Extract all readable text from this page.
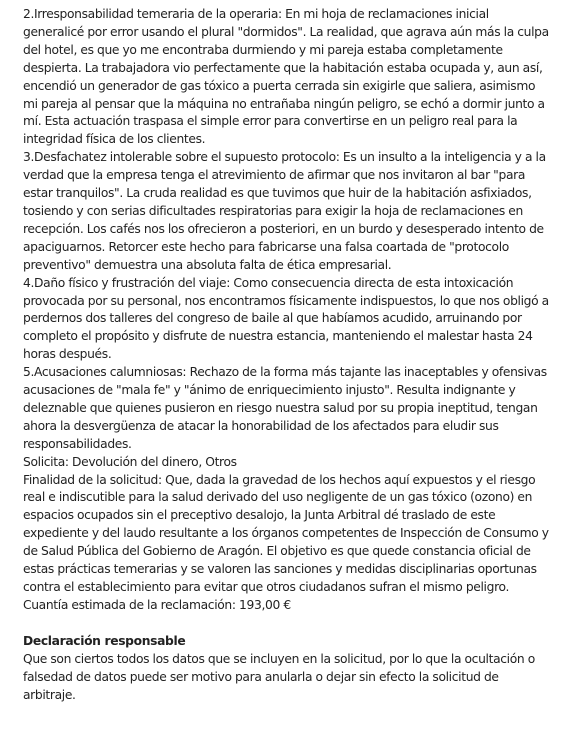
2.Irresponsabilidad temeraria de la operaria: En mi hoja de reclamaciones inicial generalicé por error usando el plural "dormidos". La realidad, que agrava aún más la culpa del hotel, es que yo me encontraba durmiendo y mi pareja estaba completamente despierta. La trabajadora vio perfectamente que la habitación estaba ocupada y, aun así, encendió un generador de gas tóxico a puerta cerrada sin exigirle que saliera, asimismo mi pareja al pensar que la máquina no entrañaba ningún peligro, se echó a dormir junto a mí. Esta actuación traspasa el simple error para convertirse en un peligro real para la integridad física de los clientes.

3.Desfachatez intolerable sobre el supuesto protocolo: Es un insulto a la inteligencia y a la verdad que la empresa tenga el atrevimiento de afirmar que nos invitaron al bar "para estar tranquilos". La cruda realidad es que tuvimos que huir de la habitación asfixiados, tosiendo y con serias dificultades respiratorias para exigir la hoja de reclamaciones en recepción. Los cafés nos los ofrecieron a posteriori, en un burdo y desesperado intento de apaciguarnos. Retorcer este hecho para fabricarse una falsa coartada de "protocolo preventivo" demuestra una absoluta falta de ética empresarial.

4.Daño físico y frustración del viaje: Como consecuencia directa de esta intoxicación provocada por su personal, nos encontramos físicamente indispuestos, lo que nos obligó a perdernos dos talleres del congreso de baile al que habíamos acudido, arruinando por completo el propósito y disfrute de nuestra estancia, manteniendo el malestar hasta 24 horas después.

5.Acusaciones calumniosas: Rechazo de la forma más tajante las inaceptables y ofensivas acusaciones de "mala fe" y "ánimo de enriquecimiento injusto". Resulta indignante y deleznable que quienes pusieron en riesgo nuestra salud por su propia ineptitud, tengan ahora la desvergüenza de atacar la honorabilidad de los afectados para eludir sus responsabilidades.

Solicita: Devolución del dinero, Otros

Finalidad de la solicitud: Que, dada la gravedad de los hechos aquí expuestos y el riesgo real e indiscutible para la salud derivado del uso negligente de un gas tóxico (ozono) en espacios ocupados sin el preceptivo desalojo, la Junta Arbitral dé traslado de este expediente y del laudo resultante a los órganos competentes de Inspección de Consumo y de Salud Pública del Gobierno de Aragón. El objetivo es que quede constancia oficial de estas prácticas temerarias y se valoren las sanciones y medidas disciplinarias oportunas contra el establecimiento para evitar que otros ciudadanos sufran el mismo peligro.

Cuantía estimada de la reclamación: 193,00 €

Declaración responsable

Que son ciertos todos los datos que se incluyen en la solicitud, por lo que la ocultación o falsedad de datos puede ser motivo para anularla o dejar sin efecto la solicitud de arbitraje.
